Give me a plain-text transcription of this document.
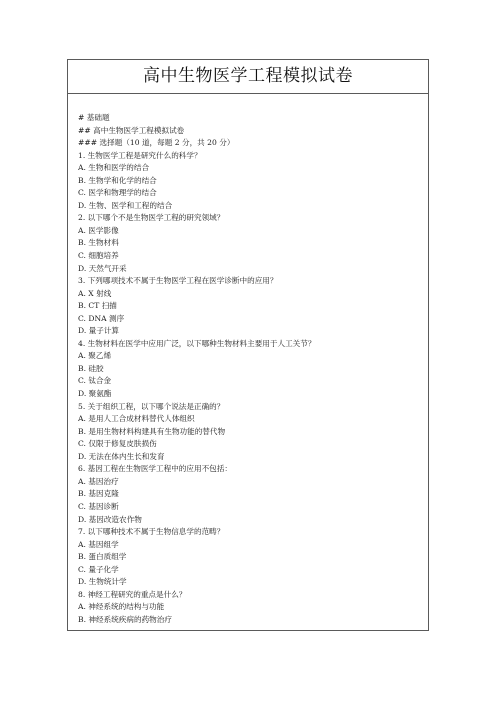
高中生物医学工程模拟试卷
# 基础题
## 高中生物医学工程模拟试卷
### 选择题（10 道，每题 2 分，共 20 分）
1. 生物医学工程是研究什么的科学？
A. 生物和医学的结合
B. 生物学和化学的结合
C. 医学和物理学的结合
D. 生物、医学和工程的结合
2. 以下哪个不是生物医学工程的研究领域？
A. 医学影像
B. 生物材料
C. 细胞培养
D. 天然气开采
3. 下列哪项技术不属于生物医学工程在医学诊断中的应用？
A. X 射线
B. CT 扫描
C. DNA 测序
D. 量子计算
4. 生物材料在医学中应用广泛，以下哪种生物材料主要用于人工关节？
A. 聚乙烯
B. 硅胶
C. 钛合金
D. 聚氨酯
5. 关于组织工程，以下哪个说法是正确的？
A. 是用人工合成材料替代人体组织
B. 是用生物材料构建具有生物功能的替代物
C. 仅限于修复皮肤损伤
D. 无法在体内生长和发育
6. 基因工程在生物医学工程中的应用不包括：
A. 基因治疗
B. 基因克隆
C. 基因诊断
D. 基因改造农作物
7. 以下哪种技术不属于生物信息学的范畴？
A. 基因组学
B. 蛋白质组学
C. 量子化学
D. 生物统计学
8. 神经工程研究的重点是什么？
A. 神经系统的结构与功能
B. 神经系统疾病的药物治疗
